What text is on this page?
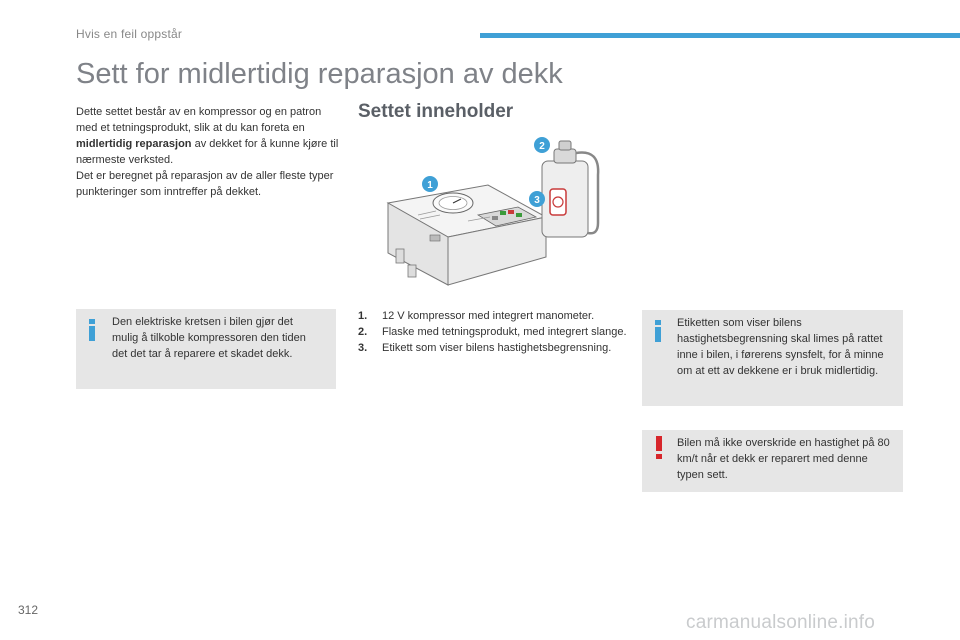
Hvis en feil oppstår
Sett for midlertidig reparasjon av dekk

Dette settet består av en kompressor og en patron med et tetningsprodukt, slik at du kan foreta en midlertidig reparasjon av dekket for å kunne kjøre til nærmeste verksted.

Det er beregnet på reparasjon av de aller fleste typer punkteringer som inntreffer på dekket.

Den elektriske kretsen i bilen gjør det mulig å tilkoble kompressoren den tiden det det tar å reparere et skadet dekk.
Settet inneholder
1
2
3
1.	12 V kompressor med integrert manometer.
2.	Flaske med tetningsprodukt, med integrert slange.
3.	Etikett som viser bilens hastighetsbegrensning.
Etiketten som viser bilens hastighetsbegrensning skal limes på rattet inne i bilen, i førerens synsfelt, for å minne om at ett av dekkene er i bruk midlertidig.
Bilen må ikke overskride en hastighet på 80 km/t når et dekk er reparert med denne typen sett.
312
carmanualsonline.info
